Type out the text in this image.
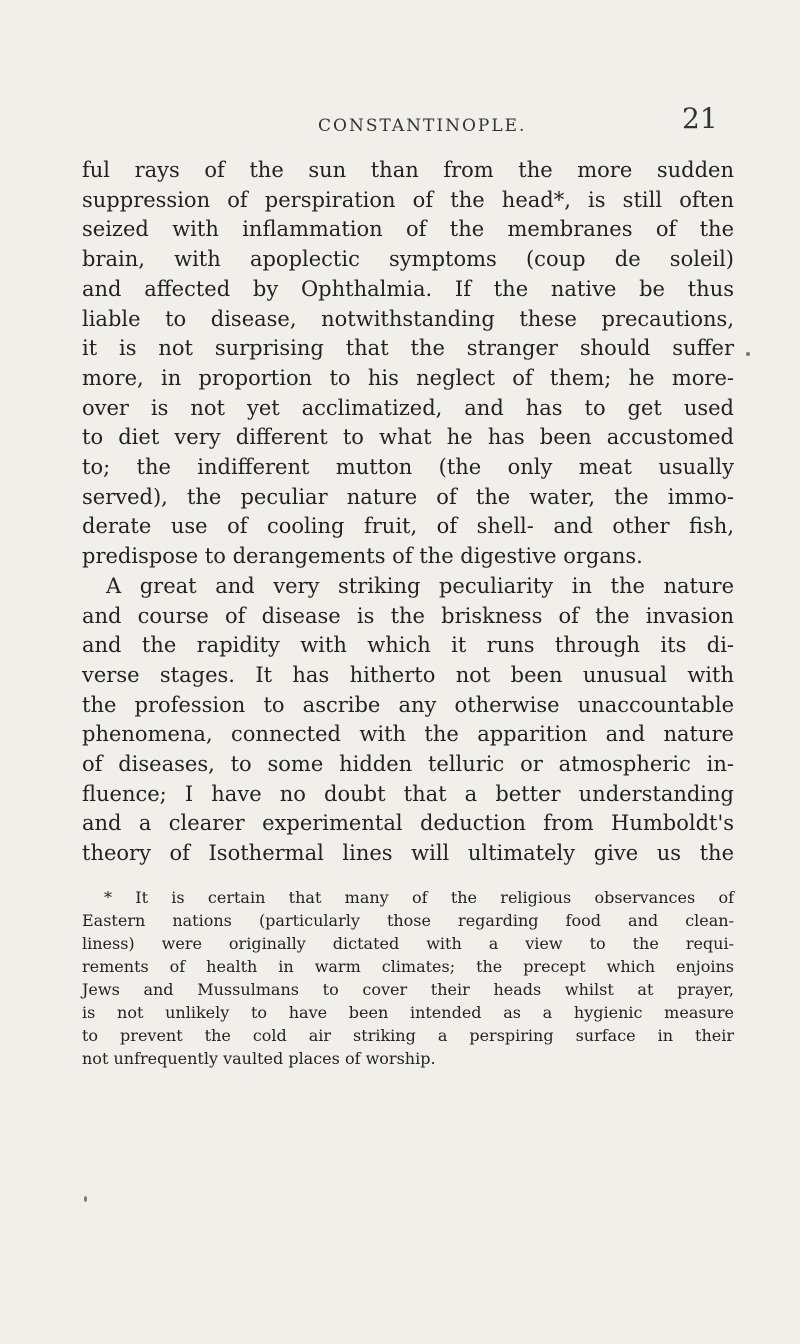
CONSTANTINOPLE.	21
ful rays of the sun than from the more sudden
suppression of perspiration of the head*, is still often
seized with inflammation of the membranes of the
brain, with apoplectic symptoms (coup de soleil)
and affected by Ophthalmia. If the native be thus
liable to disease, notwithstanding these precautions,
it is not surprising that the stranger should suffer
more, in proportion to his neglect of them; he more-
over is not yet acclimatized, and has to get used
to diet very different to what he has been accustomed
to; the indifferent mutton (the only meat usually
served), the peculiar nature of the water, the immo-
derate use of cooling fruit, of shell- and other fish,
predispose to derangements of the digestive organs.
A great and very striking peculiarity in the nature
and course of disease is the briskness of the invasion
and the rapidity with which it runs through its di-
verse stages. It has hitherto not been unusual with
the profession to ascribe any otherwise unaccountable
phenomena, connected with the apparition and nature
of diseases, to some hidden telluric or atmospheric in-
fluence; I have no doubt that a better understanding
and a clearer experimental deduction from Humboldt's
theory of Isothermal lines will ultimately give us the
* It is certain that many of the religious observances of
Eastern nations (particularly those regarding food and clean-
liness) were originally dictated with a view to the requi-
rements of health in warm climates; the precept which enjoins
Jews and Mussulmans to cover their heads whilst at prayer,
is not unlikely to have been intended as a hygienic measure
to prevent the cold air striking a perspiring surface in their
not unfrequently vaulted places of worship.
